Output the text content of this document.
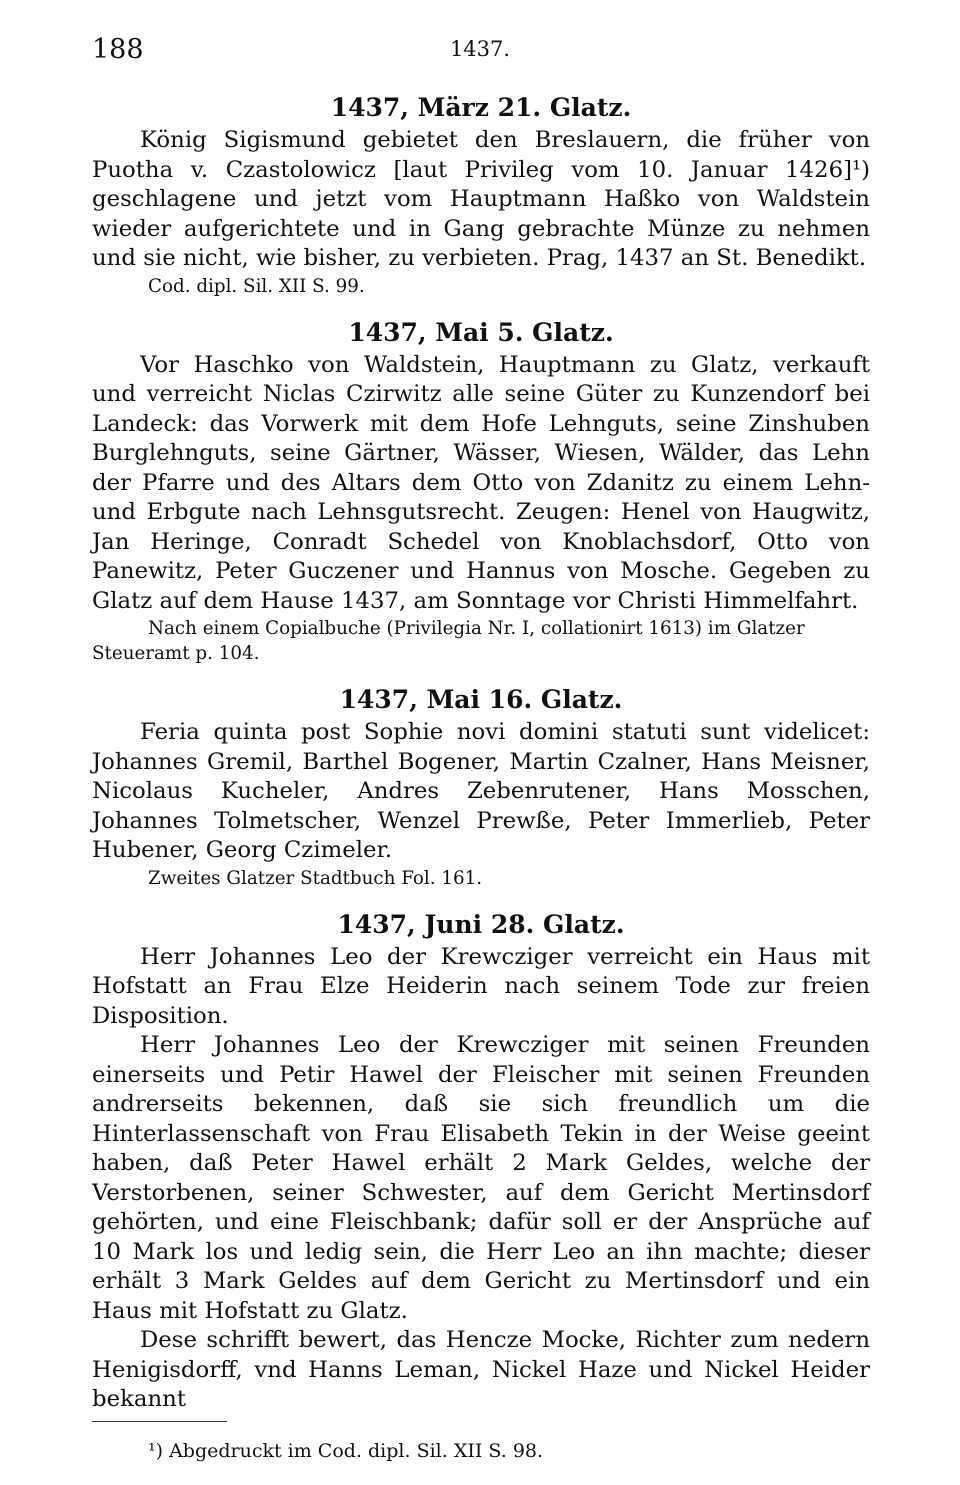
188	1437.
1437, März 21. Glatz.

König Sigismund gebietet den Breslauern, die früher von Puotha v. Czastolowicz [laut Privileg vom 10. Januar 1426]¹) geschlagene und jetzt vom Hauptmann Haßko von Waldstein wieder aufgerichtete und in Gang gebrachte Münze zu nehmen und sie nicht, wie bisher, zu verbieten. Prag, 1437 an St. Benedikt.

Cod. dipl. Sil. XII S. 99.
1437, Mai 5. Glatz.

Vor Haschko von Waldstein, Hauptmann zu Glatz, verkauft und verreicht Niclas Czirwitz alle seine Güter zu Kunzendorf bei Landeck: das Vorwerk mit dem Hofe Lehnguts, seine Zinshuben Burglehnguts, seine Gärtner, Wässer, Wiesen, Wälder, das Lehn der Pfarre und des Altars dem Otto von Zdanitz zu einem Lehn- und Erbgute nach Lehnsgutsrecht. Zeugen: Henel von Haugwitz, Jan Heringe, Conradt Schedel von Knoblachsdorf, Otto von Panewitz, Peter Guczener und Hannus von Mosche. Gegeben zu Glatz auf dem Hause 1437, am Sonntage vor Christi Himmelfahrt.

Nach einem Copialbuche (Privilegia Nr. I, collationirt 1613) im Glatzer Steueramt p. 104.
1437, Mai 16. Glatz.

Feria quinta post Sophie novi domini statuti sunt videlicet: Johannes Gremil, Barthel Bogener, Martin Czalner, Hans Meisner, Nicolaus Kucheler, Andres Zebenrutener, Hans Mosschen, Johannes Tolmetscher, Wenzel Prewße, Peter Immerlieb, Peter Hubener, Georg Czimeler.

Zweites Glatzer Stadtbuch Fol. 161.
1437, Juni 28. Glatz.

Herr Johannes Leo der Krewcziger verreicht ein Haus mit Hofstatt an Frau Elze Heiderin nach seinem Tode zur freien Disposition.

Herr Johannes Leo der Krewcziger mit seinen Freunden einerseits und Petir Hawel der Fleischer mit seinen Freunden andrerseits bekennen, daß sie sich freundlich um die Hinterlassenschaft von Frau Elisabeth Tekin in der Weise geeint haben, daß Peter Hawel erhält 2 Mark Geldes, welche der Verstorbenen, seiner Schwester, auf dem Gericht Mertinsdorf gehörten, und eine Fleischbank; dafür soll er der Ansprüche auf 10 Mark los und ledig sein, die Herr Leo an ihn machte; dieser erhält 3 Mark Geldes auf dem Gericht zu Mertinsdorf und ein Haus mit Hofstatt zu Glatz.

Dese schrifft bewert, das Hencze Mocke, Richter zum nedern Henigisdorff, vnd Hanns Leman, Nickel Haze und Nickel Heider bekannt

¹) Abgedruckt im Cod. dipl. Sil. XII S. 98.
